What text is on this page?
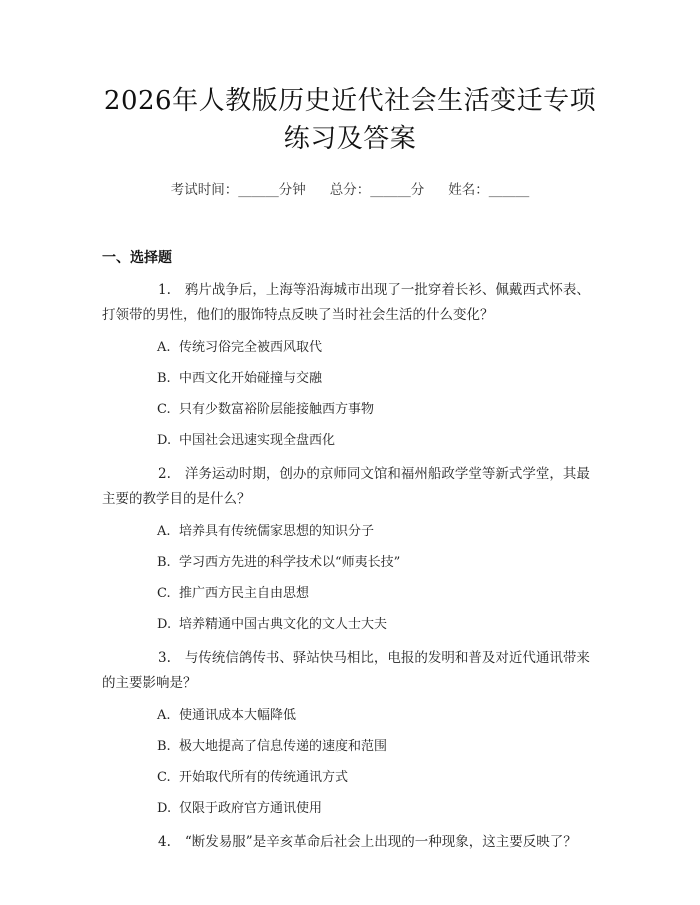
2026年人教版历史近代社会生活变迁专项练习及答案
考试时间：______分钟 总分：______分 姓名：______
一、选择题

1. 鸦片战争后，上海等沿海城市出现了一批穿着长衫、佩戴西式怀表、打领带的男性，他们的服饰特点反映了当时社会生活的什么变化？

A. 传统习俗完全被西风取代
B. 中西文化开始碰撞与交融
C. 只有少数富裕阶层能接触西方事物
D. 中国社会迅速实现全盘西化

2. 洋务运动时期，创办的京师同文馆和福州船政学堂等新式学堂，其最主要的教学目的是什么？

A. 培养具有传统儒家思想的知识分子
B. 学习西方先进的科学技术以“师夷长技”
C. 推广西方民主自由思想
D. 培养精通中国古典文化的文人士大夫

3. 与传统信鸽传书、驿站快马相比，电报的发明和普及对近代通讯带来的主要影响是？

A. 使通讯成本大幅降低
B. 极大地提高了信息传递的速度和范围
C. 开始取代所有的传统通讯方式
D. 仅限于政府官方通讯使用

4. “断发易服”是辛亥革命后社会上出现的一种现象，这主要反映了？
